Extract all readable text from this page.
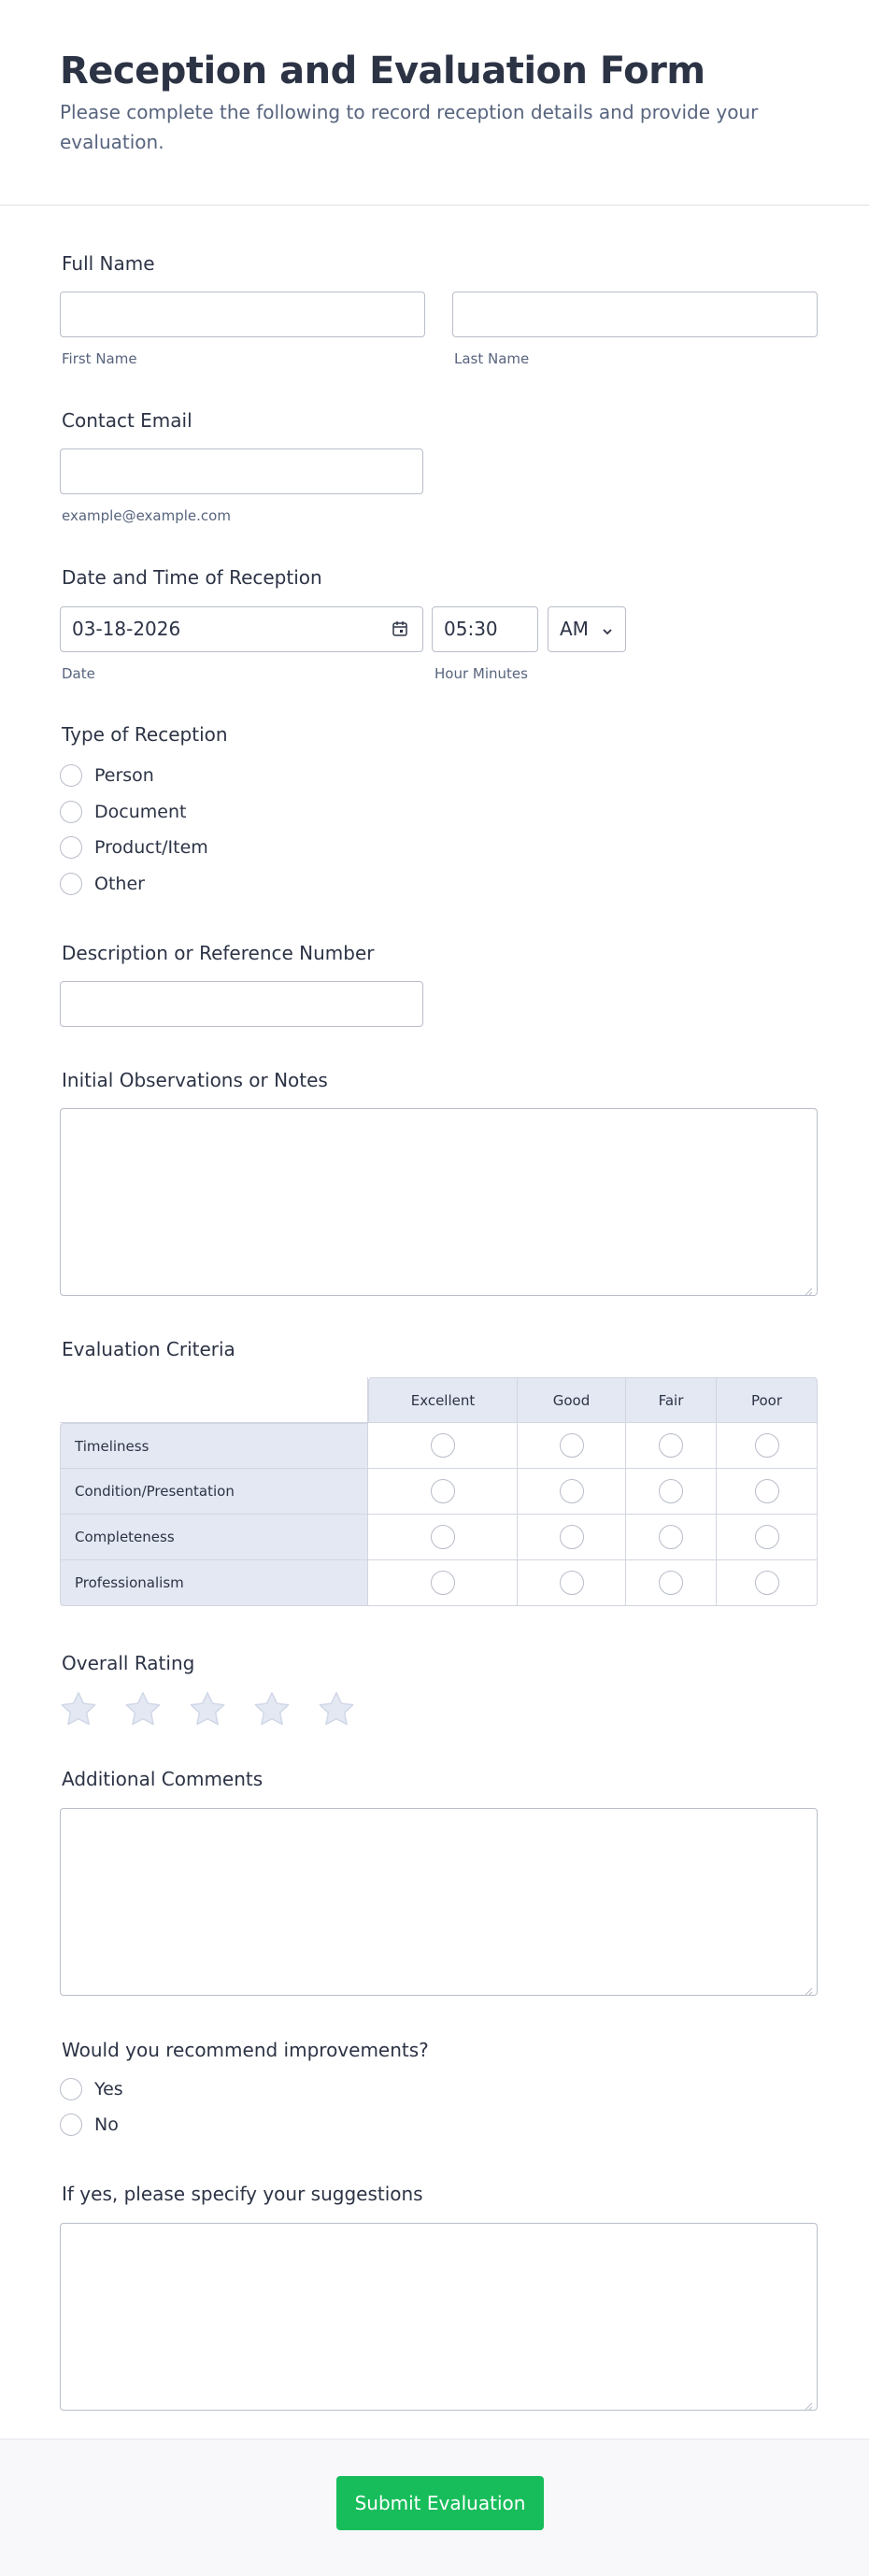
Reception and Evaluation Form
Please complete the following to record reception details and provide your evaluation.
Full Name
First Name	Last Name
Contact Email
example@example.com
Date and Time of Reception
03-18-2026	05:30	AM
Date	Hour Minutes
Type of Reception
Person
Document
Product/Item
Other
Description or Reference Number
Initial Observations or Notes
Evaluation Criteria
	Excellent	Good	Fair	Poor
Timeliness				
Condition/Presentation				
Completeness				
Professionalism				
Overall Rating
Additional Comments
Would you recommend improvements?
Yes
No
If yes, please specify your suggestions
Submit Evaluation
